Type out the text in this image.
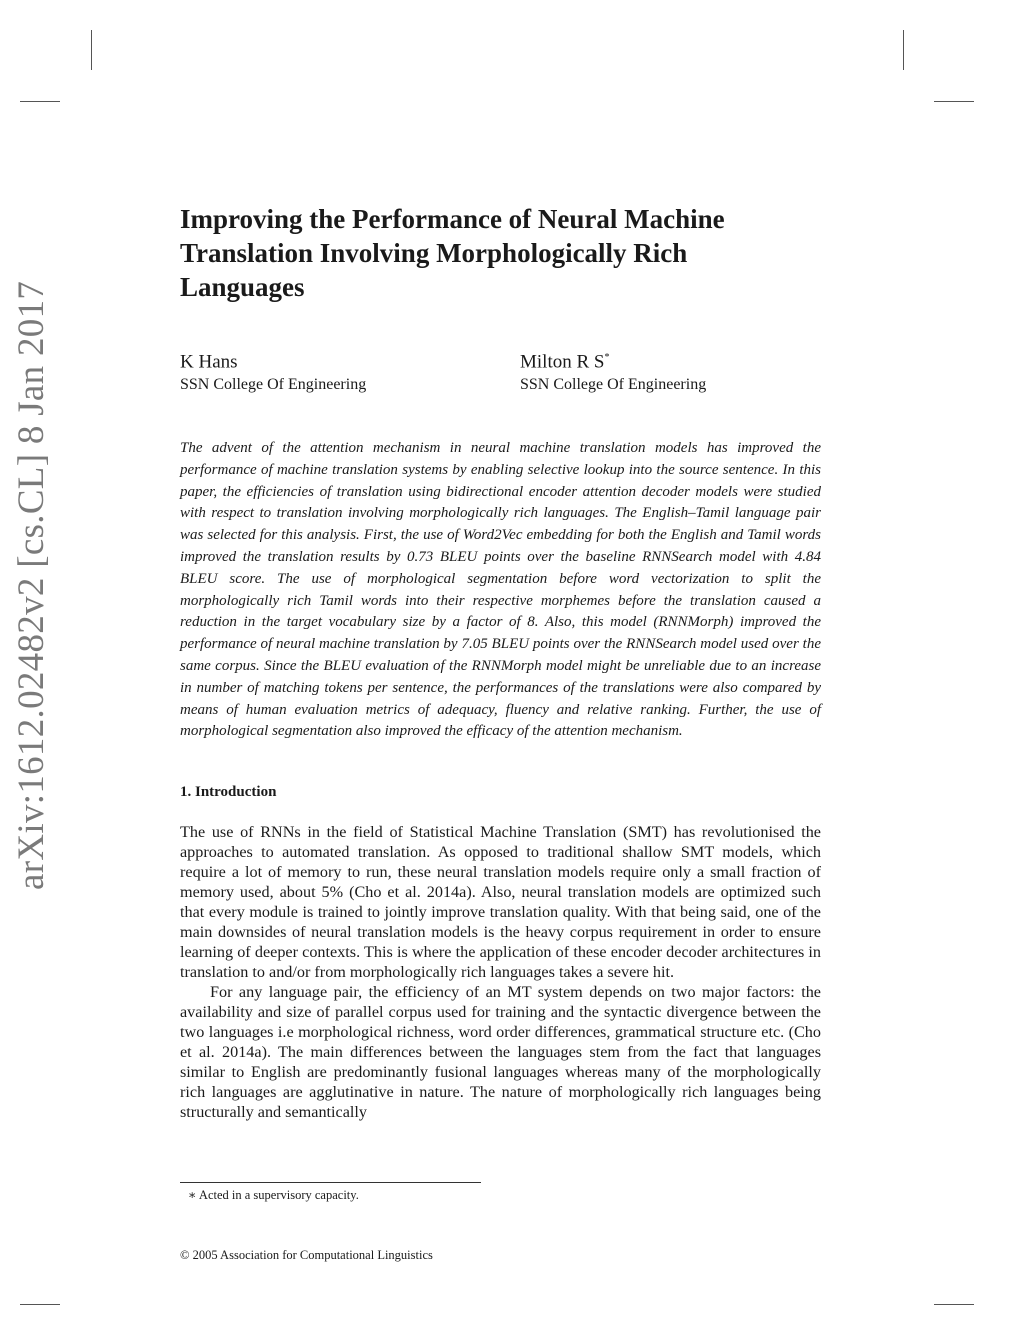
arXiv:1612.02482v2 [cs.CL] 8 Jan 2017
Improving the Performance of Neural Machine Translation Involving Morphologically Rich Languages
K Hans
SSN College Of Engineering
Milton R S*
SSN College Of Engineering
The advent of the attention mechanism in neural machine translation models has improved the performance of machine translation systems by enabling selective lookup into the source sentence. In this paper, the efficiencies of translation using bidirectional encoder attention decoder models were studied with respect to translation involving morphologically rich languages. The English–Tamil language pair was selected for this analysis. First, the use of Word2Vec embedding for both the English and Tamil words improved the translation results by 0.73 BLEU points over the baseline RNNSearch model with 4.84 BLEU score. The use of morphological segmentation before word vectorization to split the morphologically rich Tamil words into their respective morphemes before the translation caused a reduction in the target vocabulary size by a factor of 8. Also, this model (RNNMorph) improved the performance of neural machine translation by 7.05 BLEU points over the RNNSearch model used over the same corpus. Since the BLEU evaluation of the RNNMorph model might be unreliable due to an increase in number of matching tokens per sentence, the performances of the translations were also compared by means of human evaluation metrics of adequacy, fluency and relative ranking. Further, the use of morphological segmentation also improved the efficacy of the attention mechanism.
1. Introduction

The use of RNNs in the field of Statistical Machine Translation (SMT) has revolutionised the approaches to automated translation. As opposed to traditional shallow SMT models, which require a lot of memory to run, these neural translation models require only a small fraction of memory used, about 5% (Cho et al. 2014a). Also, neural translation models are optimized such that every module is trained to jointly improve translation quality. With that being said, one of the main downsides of neural translation models is the heavy corpus requirement in order to ensure learning of deeper contexts. This is where the application of these encoder decoder architectures in translation to and/or from morphologically rich languages takes a severe hit.

For any language pair, the efficiency of an MT system depends on two major factors: the availability and size of parallel corpus used for training and the syntactic divergence between the two languages i.e morphological richness, word order differences, grammatical structure etc. (Cho et al. 2014a). The main differences between the languages stem from the fact that languages similar to English are predominantly fusional languages whereas many of the morphologically rich languages are agglutinative in nature. The nature of morphologically rich languages being structurally and semantically

∗ Acted in a supervisory capacity.
© 2005 Association for Computational Linguistics
